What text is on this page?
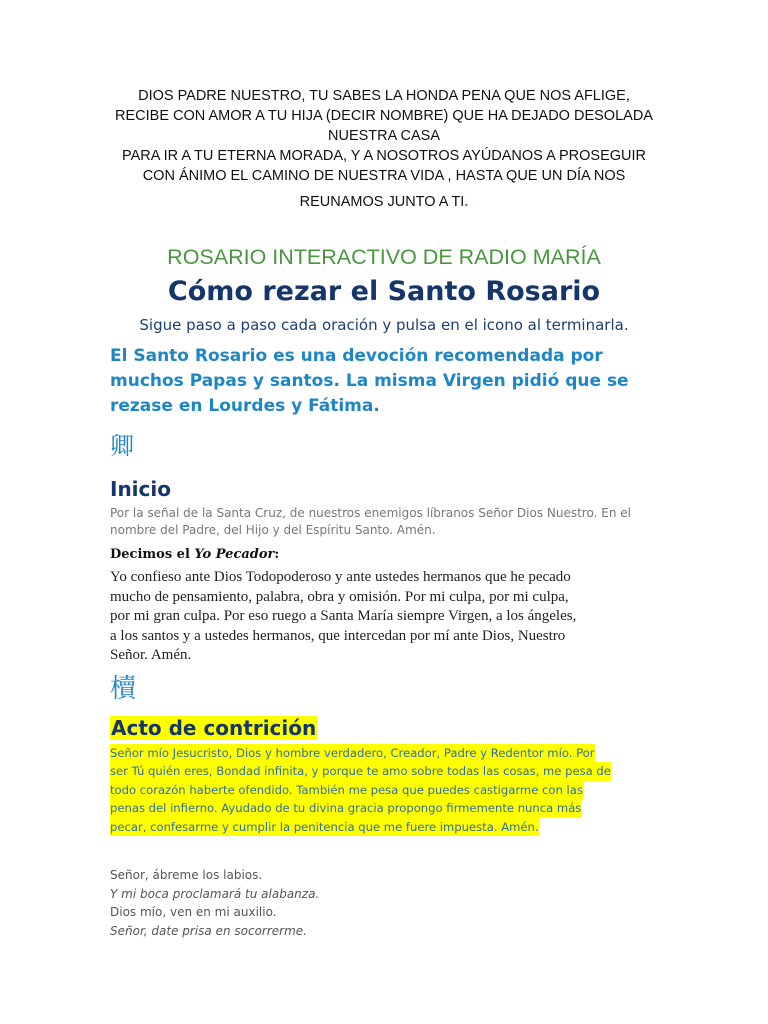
DIOS PADRE NUESTRO, TU SABES LA HONDA PENA QUE NOS AFLIGE,
RECIBE CON AMOR A TU HIJA (DECIR NOMBRE) QUE HA DEJADO DESOLADA
NUESTRA CASA
PARA IR A TU ETERNA MORADA, Y A NOSOTROS AYÚDANOS A PROSEGUIR
CON ÁNIMO EL CAMINO DE NUESTRA VIDA , HASTA QUE UN DÍA NOS
REUNAMOS JUNTO A TI.
ROSARIO INTERACTIVO DE RADIO MARÍA
Cómo rezar el Santo Rosario
Sigue paso a paso cada oración y pulsa en el icono al terminarla.
El Santo Rosario es una devoción recomendada por
muchos Papas y santos. La misma Virgen pidió que se
rezase en Lourdes y Fátima.
卿
Inicio
Por la señal de la Santa Cruz, de nuestros enemigos líbranos Señor Dios Nuestro. En el
nombre del Padre, del Hijo y del Espíritu Santo. Amén.
Decimos el Yo Pecador:
Yo confieso ante Dios Todopoderoso y ante ustedes hermanos que he pecado
mucho de pensamiento, palabra, obra y omisión. Por mi culpa, por mi culpa,
por mi gran culpa. Por eso ruego a Santa María siempre Virgen, a los ángeles,
a los santos y a ustedes hermanos, que intercedan por mí ante Dios, Nuestro
Señor. Amén.
櫝
Acto de contrición
Señor mío Jesucristo, Dios y hombre verdadero, Creador, Padre y Redentor mío. Por
ser Tú quién eres, Bondad infinita, y porque te amo sobre todas las cosas, me pesa de
todo corazón haberte ofendido. También me pesa que puedes castigarme con las
penas del infierno. Ayudado de tu divina gracia propongo firmemente nunca más
pecar, confesarme y cumplir la penitencia que me fuere impuesta. Amén.
Señor, ábreme los labios.
Y mi boca proclamará tu alabanza.
Dios mío, ven en mi auxilio.
Señor, date prisa en socorrerme.
